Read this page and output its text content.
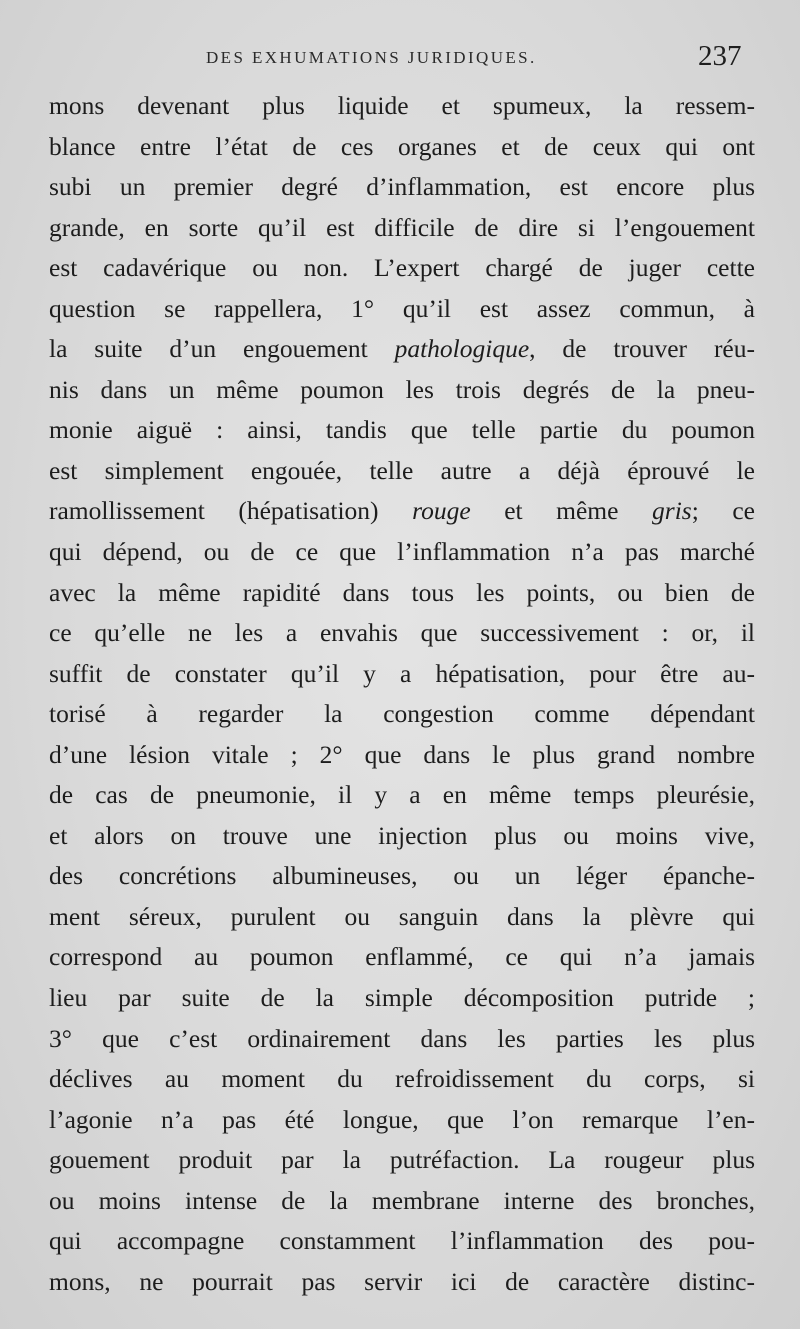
DES EXHUMATIONS JURIDIQUES.	237
mons devenant plus liquide et spumeux, la ressem-
blance entre l’état de ces organes et de ceux qui ont
subi un premier degré d’inflammation, est encore plus
grande, en sorte qu’il est difficile de dire si l’engouement
est cadavérique ou non. L’expert chargé de juger cette
question se rappellera, 1° qu’il est assez commun, à
la suite d’un engouement pathologique, de trouver réu-
nis dans un même poumon les trois degrés de la pneu-
monie aiguë : ainsi, tandis que telle partie du poumon
est simplement engouée, telle autre a déjà éprouvé le
ramollissement (hépatisation) rouge et même gris; ce
qui dépend, ou de ce que l’inflammation n’a pas marché
avec la même rapidité dans tous les points, ou bien de
ce qu’elle ne les a envahis que successivement : or, il
suffit de constater qu’il y a hépatisation, pour être au-
torisé à regarder la congestion comme dépendant
d’une lésion vitale ; 2° que dans le plus grand nombre
de cas de pneumonie, il y a en même temps pleurésie,
et alors on trouve une injection plus ou moins vive,
des concrétions albumineuses, ou un léger épanche-
ment séreux, purulent ou sanguin dans la plèvre qui
correspond au poumon enflammé, ce qui n’a jamais
lieu par suite de la simple décomposition putride ;
3° que c’est ordinairement dans les parties les plus
déclives au moment du refroidissement du corps, si
l’agonie n’a pas été longue, que l’on remarque l’en-
gouement produit par la putréfaction. La rougeur plus
ou moins intense de la membrane interne des bronches,
qui accompagne constamment l’inflammation des pou-
mons, ne pourrait pas servir ici de caractère distinc-
